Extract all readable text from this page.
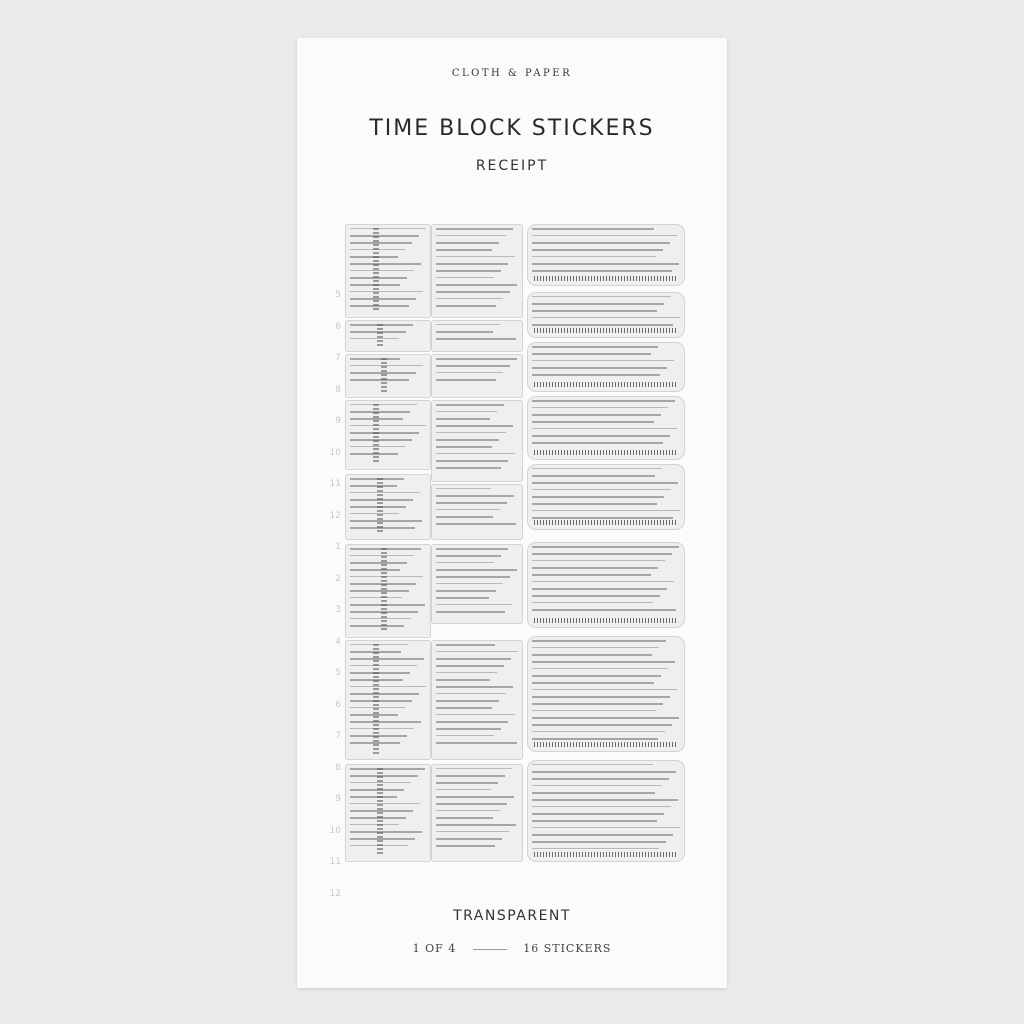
CLOTH & PAPER
TIME BLOCK STICKERS
RECEIPT
5
6
7
8
9
10
11
12
1
2
3
4
5
6
7
8
9
10
11
12
TRANSPARENT
1 OF 4	16 STICKERS
